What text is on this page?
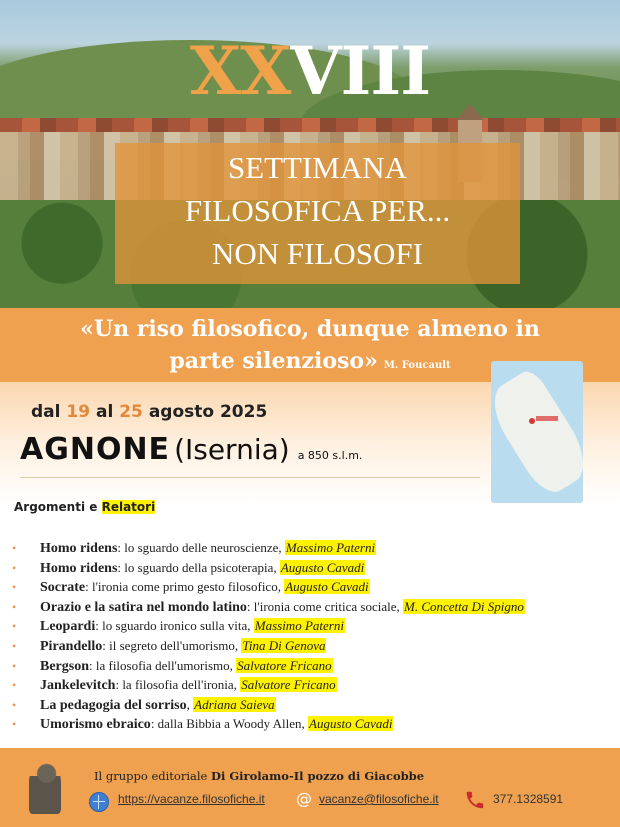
XXVIII
SETTIMANA
FILOSOFICA PER...
NON FILOSOFI
«Un riso filosofico, dunque almeno in
parte silenzioso» M. Foucault
dal 19 al 25 agosto 2025
AGNONE (Isernia) a 850 s.l.m.
Argomenti e Relatori
• Homo ridens: lo sguardo delle neuroscienze, Massimo Paterni
• Homo ridens: lo sguardo della psicoterapia, Augusto Cavadi
• Socrate: l'ironia come primo gesto filosofico, Augusto Cavadi
• Orazio e la satira nel mondo latino: l'ironia come critica sociale, M. Concetta Di Spigno
• Leopardi: lo sguardo ironico sulla vita, Massimo Paterni
• Pirandello: il segreto dell'umorismo, Tina Di Genova
• Bergson: la filosofia dell'umorismo, Salvatore Fricano
• Jankelevitch: la filosofia dell'ironia, Salvatore Fricano
• La pedagogia del sorriso, Adriana Saieva
• Umorismo ebraico: dalla Bibbia a Woody Allen, Augusto Cavadi
Il gruppo editoriale Di Girolamo-Il pozzo di Giacobbe
https://vacanze.filosofiche.it @ vacanze@filosofiche.it	377.1328591
